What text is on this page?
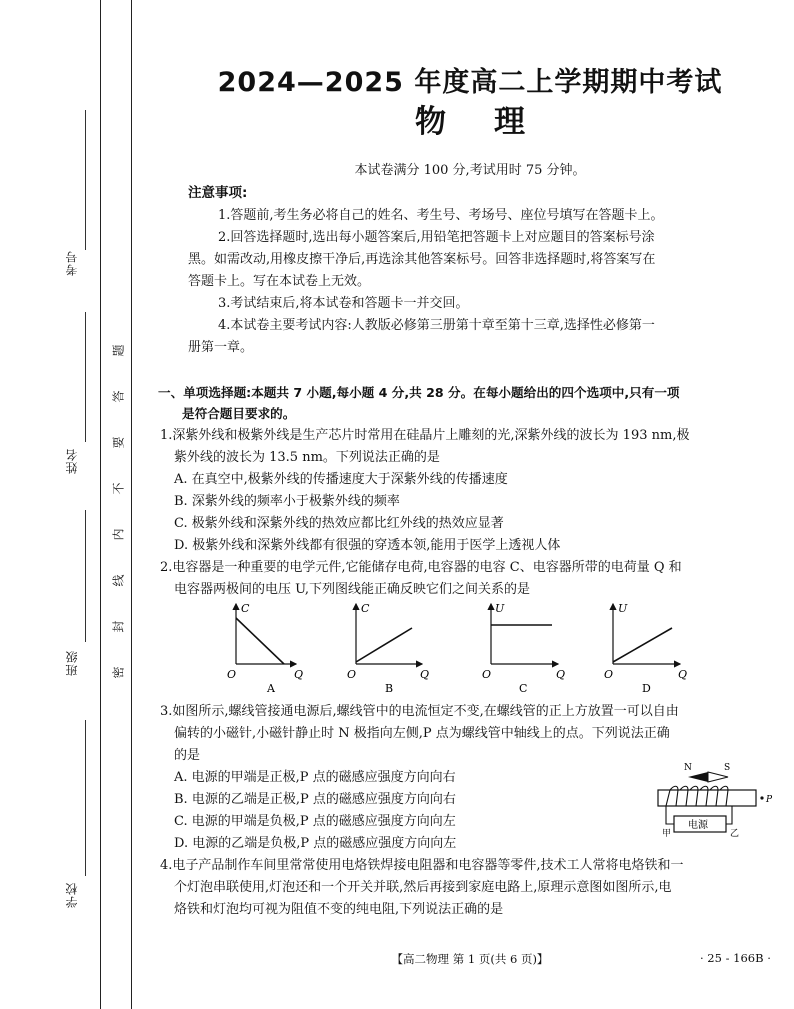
考号
姓名
班级
学校
题
答
要
不
内
线
封
密
2024—2025 年度高二上学期期中考试
物 理
本试卷满分 100 分,考试用时 75 分钟。
注意事项:
1.答题前,考生务必将自己的姓名、考生号、考场号、座位号填写在答题卡上。
2.回答选择题时,选出每小题答案后,用铅笔把答题卡上对应题目的答案标号涂
黑。如需改动,用橡皮擦干净后,再选涂其他答案标号。回答非选择题时,将答案写在
答题卡上。写在本试卷上无效。
3.考试结束后,将本试卷和答题卡一并交回。
4.本试卷主要考试内容:人教版必修第三册第十章至第十三章,选择性必修第一
册第一章。
一、单项选择题:本题共 7 小题,每小题 4 分,共 28 分。在每小题给出的四个选项中,只有一项
是符合题目要求的。
1.深紫外线和极紫外线是生产芯片时常用在硅晶片上雕刻的光,深紫外线的波长为 193 nm,极
紫外线的波长为 13.5 nm。下列说法正确的是
A. 在真空中,极紫外线的传播速度大于深紫外线的传播速度
B. 深紫外线的频率小于极紫外线的频率
C. 极紫外线和深紫外线的热效应都比红外线的热效应显著
D. 极紫外线和深紫外线都有很强的穿透本领,能用于医学上透视人体
2.电容器是一种重要的电学元件,它能储存电荷,电容器的电容 C、电容器所带的电荷量 Q 和
电容器两极间的电压 U,下列图线能正确反映它们之间关系的是
C
Q
O
A
C
Q
O
B
U
Q
O
C
U
Q
O
D
3.如图所示,螺线管接通电源后,螺线管中的电流恒定不变,在螺线管的正上方放置一可以自由
偏转的小磁针,小磁针静止时 N 极指向左侧,P 点为螺线管中轴线上的点。下列说法正确
的是
A. 电源的甲端是正极,P 点的磁感应强度方向向右
B. 电源的乙端是正极,P 点的磁感应强度方向向右
C. 电源的甲端是负极,P 点的磁感应强度方向向左
D. 电源的乙端是负极,P 点的磁感应强度方向向左
N	S
电源
甲	乙
P
4.电子产品制作车间里常常使用电烙铁焊接电阻器和电容器等零件,技术工人常将电烙铁和一
个灯泡串联使用,灯泡还和一个开关并联,然后再接到家庭电路上,原理示意图如图所示,电
烙铁和灯泡均可视为阻值不变的纯电阻,下列说法正确的是
【高二物理 第 1 页(共 6 页)】	· 25 - 166B ·
